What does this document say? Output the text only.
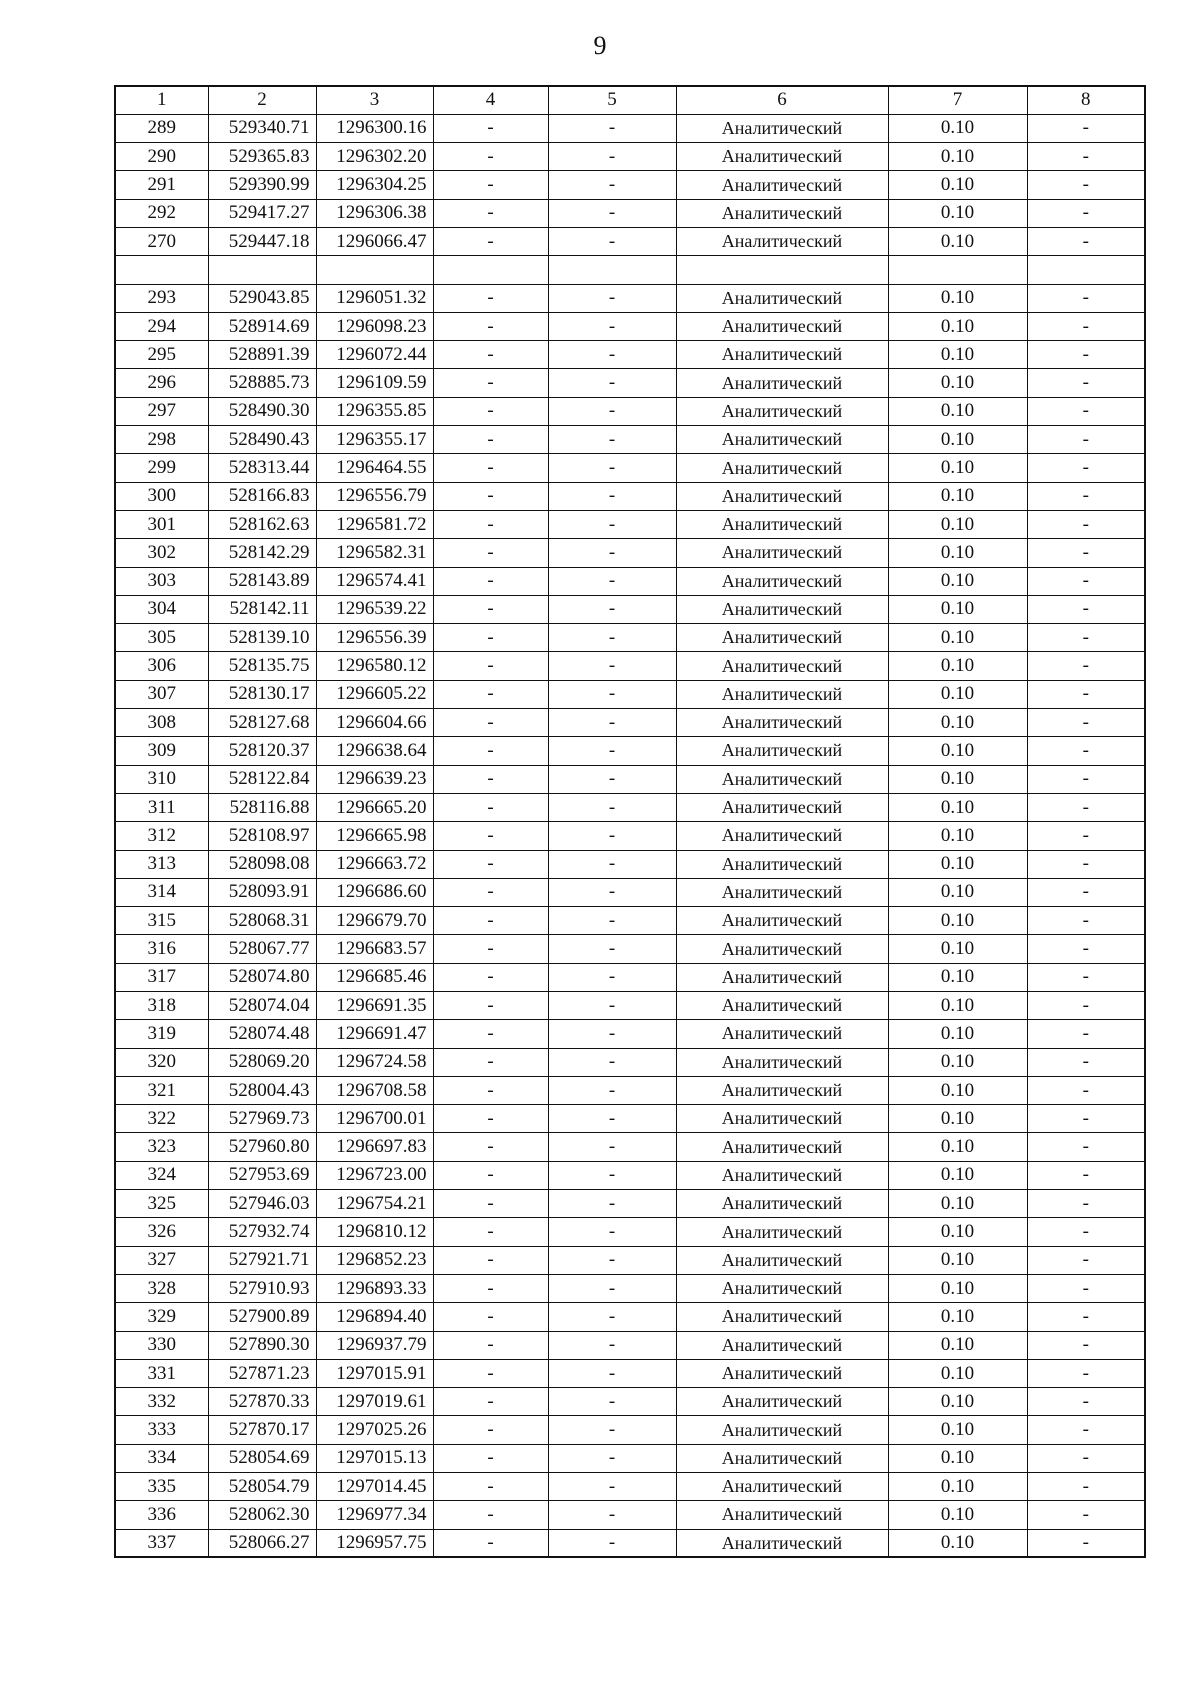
9
1	2	3	4	5	6	7	8
289	529340.71	1296300.16	-	-	Аналитический	0.10	-
290	529365.83	1296302.20	-	-	Аналитический	0.10	-
291	529390.99	1296304.25	-	-	Аналитический	0.10	-
292	529417.27	1296306.38	-	-	Аналитический	0.10	-
270	529447.18	1296066.47	-	-	Аналитический	0.10	-

293	529043.85	1296051.32	-	-	Аналитический	0.10	-
294	528914.69	1296098.23	-	-	Аналитический	0.10	-
295	528891.39	1296072.44	-	-	Аналитический	0.10	-
296	528885.73	1296109.59	-	-	Аналитический	0.10	-
297	528490.30	1296355.85	-	-	Аналитический	0.10	-
298	528490.43	1296355.17	-	-	Аналитический	0.10	-
299	528313.44	1296464.55	-	-	Аналитический	0.10	-
300	528166.83	1296556.79	-	-	Аналитический	0.10	-
301	528162.63	1296581.72	-	-	Аналитический	0.10	-
302	528142.29	1296582.31	-	-	Аналитический	0.10	-
303	528143.89	1296574.41	-	-	Аналитический	0.10	-
304	528142.11	1296539.22	-	-	Аналитический	0.10	-
305	528139.10	1296556.39	-	-	Аналитический	0.10	-
306	528135.75	1296580.12	-	-	Аналитический	0.10	-
307	528130.17	1296605.22	-	-	Аналитический	0.10	-
308	528127.68	1296604.66	-	-	Аналитический	0.10	-
309	528120.37	1296638.64	-	-	Аналитический	0.10	-
310	528122.84	1296639.23	-	-	Аналитический	0.10	-
311	528116.88	1296665.20	-	-	Аналитический	0.10	-
312	528108.97	1296665.98	-	-	Аналитический	0.10	-
313	528098.08	1296663.72	-	-	Аналитический	0.10	-
314	528093.91	1296686.60	-	-	Аналитический	0.10	-
315	528068.31	1296679.70	-	-	Аналитический	0.10	-
316	528067.77	1296683.57	-	-	Аналитический	0.10	-
317	528074.80	1296685.46	-	-	Аналитический	0.10	-
318	528074.04	1296691.35	-	-	Аналитический	0.10	-
319	528074.48	1296691.47	-	-	Аналитический	0.10	-
320	528069.20	1296724.58	-	-	Аналитический	0.10	-
321	528004.43	1296708.58	-	-	Аналитический	0.10	-
322	527969.73	1296700.01	-	-	Аналитический	0.10	-
323	527960.80	1296697.83	-	-	Аналитический	0.10	-
324	527953.69	1296723.00	-	-	Аналитический	0.10	-
325	527946.03	1296754.21	-	-	Аналитический	0.10	-
326	527932.74	1296810.12	-	-	Аналитический	0.10	-
327	527921.71	1296852.23	-	-	Аналитический	0.10	-
328	527910.93	1296893.33	-	-	Аналитический	0.10	-
329	527900.89	1296894.40	-	-	Аналитический	0.10	-
330	527890.30	1296937.79	-	-	Аналитический	0.10	-
331	527871.23	1297015.91	-	-	Аналитический	0.10	-
332	527870.33	1297019.61	-	-	Аналитический	0.10	-
333	527870.17	1297025.26	-	-	Аналитический	0.10	-
334	528054.69	1297015.13	-	-	Аналитический	0.10	-
335	528054.79	1297014.45	-	-	Аналитический	0.10	-
336	528062.30	1296977.34	-	-	Аналитический	0.10	-
337	528066.27	1296957.75	-	-	Аналитический	0.10	-
